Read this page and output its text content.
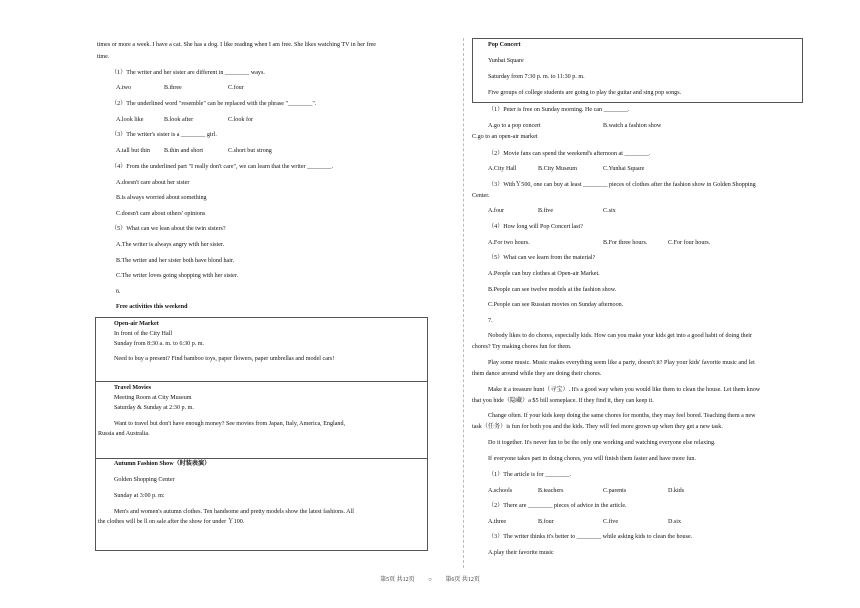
times or more a week. I have a cat. She has a dog. I like reading when I am free. She likes watching TV in her free
time.
（1）The writer and her sister are different in ________ ways.
A.two	B.three	C.four
（2）The underlined word "resemble" can be replaced with the phrase "________".
A.look like	B.look after	C.look for
（3）The writer's sister is a ________ girl.
A.tall but thin B.thin and short	C.short but strong
（4）From the underlined part "I really don't care", we can learn that the writer ________.
A.doesn't care about her sister
B.is always worried about something
C.doesn't care about others' opinions
（5）What can we lean about the twin sisters?
A.The writer is always angry with her sister.
B.The writer and her sister both have blond hair.
C.The writer loves going shopping with her sister.
6.
Free activities this weekend
Open-air Market
In front of the City Hall
Sunday from 8:30 a. m. to 6:30 p. m.
Need to buy a present? Find bamboo toys, paper flowers, paper umbrellas and model cars!
Travel Movies
Meeting Room at City Museum
Saturday & Sunday at 2:30 p. m.
Want to travel but don't have enough money? See movies from Japan, Italy, America, England,
Russia and Australia.
Autumn Fashion Show（时装表演）
Golden Shopping Center
Sunday at 3:00 p. m:
Men's and women's autumn clothes. Ten handsome and pretty models show the latest fashions. All
the clothes will be ll on sale after the show for under Ｙ100.
Pop Concert
Yunhai Square
Saturday from 7:30 p. m. to 11:30 p. m.
Five groups of college students are going to play the guitar and sing pop songs.
（1）Peter is free on Sunday morning. He can ________.
A.go to a pop concert	B.watch a fashion show
C.go to an open-air market
（2）Movie fans can spend the weekend's afternoon at ________.
A.City Hall	B.City Museum	C.Yunhai Square
（3）WithＹ500, one can buy at least ________ pieces of clothes after the fashion show in Golden Shopping
Center.
A.four	B.five	C.six
（4）How long will Pop Concert last?
A.For two hours.	B.For three hours.	C.For four hours.
（5）What can we learn from the material?
A.People can buy clothes at Open-air Market.
B.People can see twelve models at the fashion show.
C.People can see Russian movies on Sunday afternoon.
7.
Nobody likes to do chores, especially kids. How can you make your kids get into a good habit of doing their
chores? Try making chores fun for them.
Play some music. Music makes everything seem like a party, doesn't it? Play your kids' favorite music and let
them dance around while they are doing their chores.
Make it a treasure hunt（寻宝）. It's a good way when you would like them to clean the house. Let them know
that you hide（隐藏）a $5 bill someplace. If they find it, they can keep it.
Change often. If your kids keep doing the same chores for months, they may feel bored. Teaching them a new
task（任务）is fun for both you and the kids. They will feel more grown up when they get a new task.
Do it together. It's never fun to be the only one working and watching everyone else relaxing.
If everyone takes part in doing chores, you will finish them faster and have more fun.
（1）The article is for ________.
A.schools	B.teachers	C.parents	D.kids
（2）There are ________ pieces of advice in the article.
A.three	B.four	C.five	D.six
（3）The writer thinks it's better to ________ while asking kids to clean the house.
A.play their favorite music
第5页 共12页 ○ 第6页 共12页
